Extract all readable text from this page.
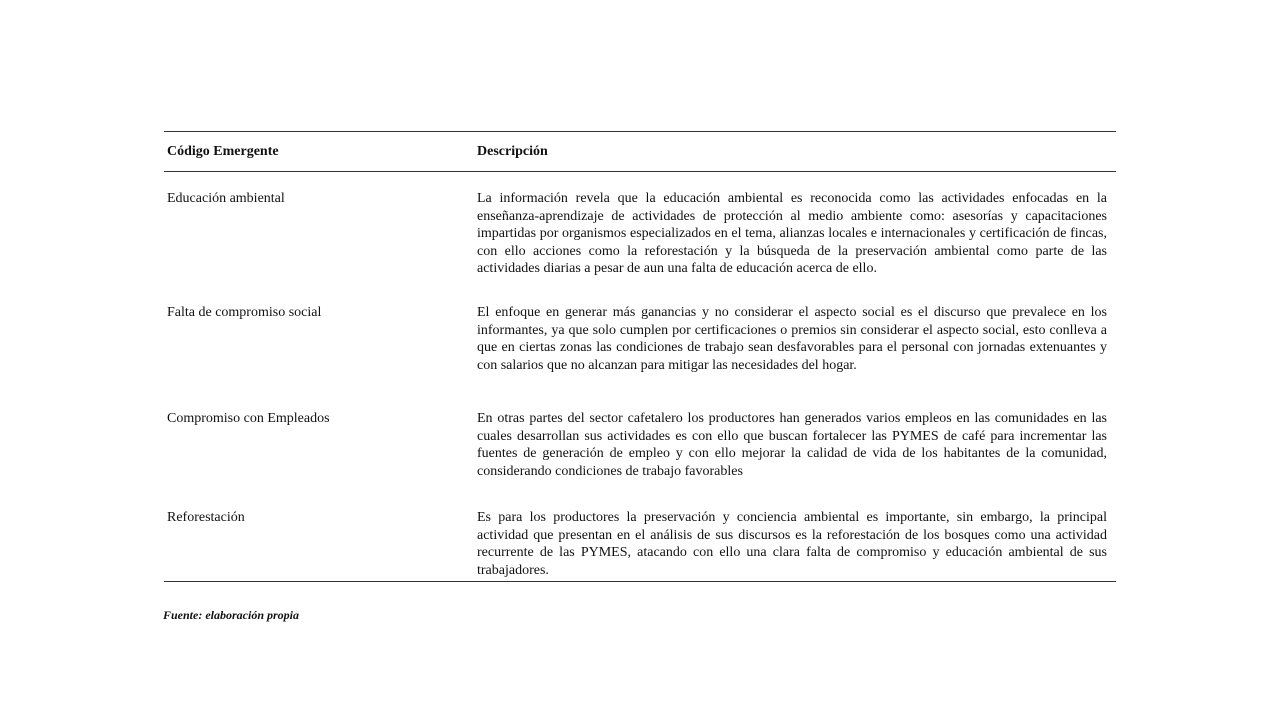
Código Emergente	Descripción
Educación ambiental	La información revela que la educación ambiental es reconocida como las actividades enfocadas en la enseñanza-aprendizaje de actividades de protección al medio ambiente como: asesorías y capacitaciones impartidas por organismos especializados en el tema, alianzas locales e internacionales y certificación de fincas, con ello acciones como la reforestación y la búsqueda de la preservación ambiental como parte de las actividades diarias a pesar de aun una falta de educación acerca de ello.
Falta de compromiso social	El enfoque en generar más ganancias y no considerar el aspecto social es el discurso que prevalece en los informantes, ya que solo cumplen por certificaciones o premios sin considerar el aspecto social, esto conlleva a que en ciertas zonas las condiciones de trabajo sean desfavorables para el personal con jornadas extenuantes y con salarios que no alcanzan para mitigar las necesidades del hogar.
Compromiso con Empleados	En otras partes del sector cafetalero los productores han generados varios empleos en las comunidades en las cuales desarrollan sus actividades es con ello que buscan fortalecer las PYMES de café para incrementar las fuentes de generación de empleo y con ello mejorar la calidad de vida de los habitantes de la comunidad, considerando condiciones de trabajo favorables
Reforestación	Es para los productores la preservación y conciencia ambiental es importante, sin embargo, la principal actividad que presentan en el análisis de sus discursos es la reforestación de los bosques como una actividad recurrente de las PYMES, atacando con ello una clara falta de compromiso y educación ambiental de sus trabajadores.
Fuente: elaboración propia
